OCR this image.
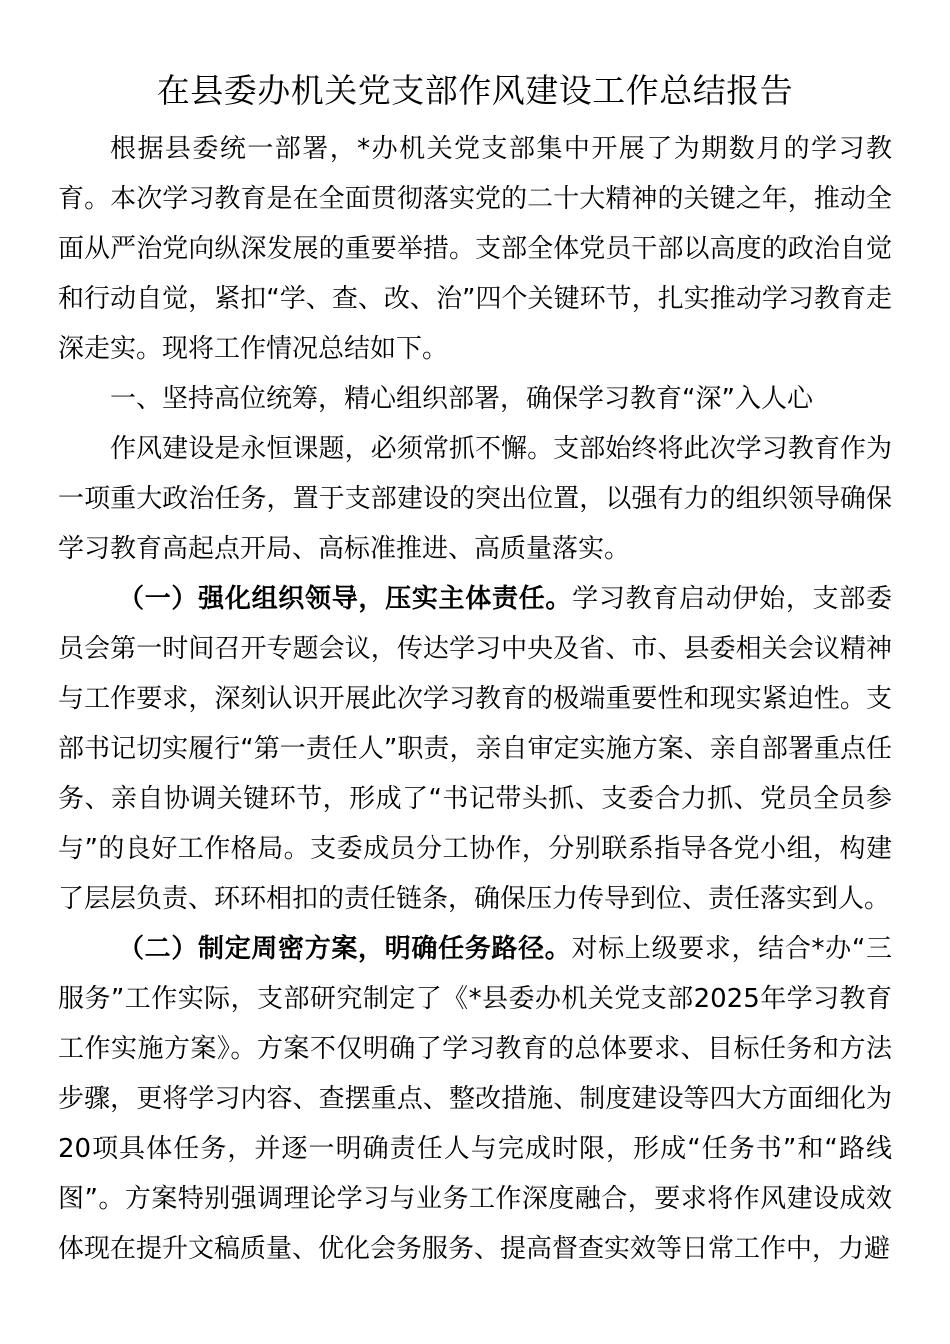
在县委办机关党支部作风建设工作总结报告

根据县委统一部署，*办机关党支部集中开展了为期数月的学习教育。本次学习教育是在全面贯彻落实党的二十大精神的关键之年，推动全面从严治党向纵深发展的重要举措。支部全体党员干部以高度的政治自觉和行动自觉，紧扣“学、查、改、治”四个关键环节，扎实推动学习教育走深走实。现将工作情况总结如下。

一、坚持高位统筹，精心组织部署，确保学习教育“深”入人心

作风建设是永恒课题，必须常抓不懈。支部始终将此次学习教育作为一项重大政治任务，置于支部建设的突出位置，以强有力的组织领导确保学习教育高起点开局、高标准推进、高质量落实。

（一）强化组织领导，压实主体责任。学习教育启动伊始，支部委员会第一时间召开专题会议，传达学习中央及省、市、县委相关会议精神与工作要求，深刻认识开展此次学习教育的极端重要性和现实紧迫性。支部书记切实履行“第一责任人”职责，亲自审定实施方案、亲自部署重点任务、亲自协调关键环节，形成了“书记带头抓、支委合力抓、党员全员参与”的良好工作格局。支委成员分工协作，分别联系指导各党小组，构建了层层负责、环环相扣的责任链条，确保压力传导到位、责任落实到人。

（二）制定周密方案，明确任务路径。对标上级要求，结合*办“三服务”工作实际，支部研究制定了《*县委办机关党支部2025年学习教育工作实施方案》。方案不仅明确了学习教育的总体要求、目标任务和方法步骤，更将学习内容、查摆重点、整改措施、制度建设等四大方面细化为20项具体任务，并逐一明确责任人与完成时限，形成“任务书”和“路线图”。方案特别强调理论学习与业务工作深度融合，要求将作风建设成效体现在提升文稿质量、优化会务服务、提高督查实效等日常工作中，力避
